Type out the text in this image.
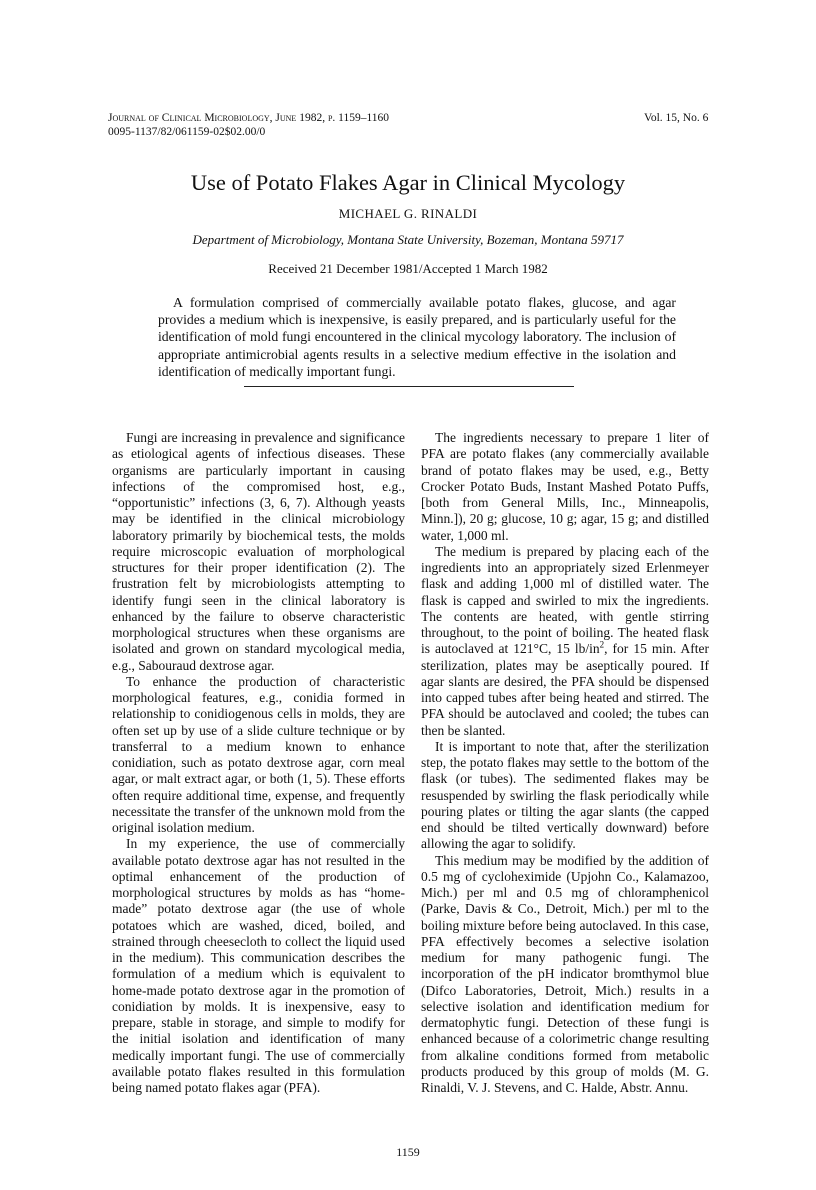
Journal of Clinical Microbiology, June 1982, p. 1159–1160
0095-1137/82/061159-02$02.00/0
Vol. 15, No. 6
Use of Potato Flakes Agar in Clinical Mycology
MICHAEL G. RINALDI
Department of Microbiology, Montana State University, Bozeman, Montana 59717
Received 21 December 1981/Accepted 1 March 1982

A formulation comprised of commercially available potato flakes, glucose, and agar provides a medium which is inexpensive, is easily prepared, and is particularly useful for the identification of mold fungi encountered in the clinical mycology laboratory. The inclusion of appropriate antimicrobial agents results in a selective medium effective in the isolation and identification of medically important fungi.

Fungi are increasing in prevalence and significance as etiological agents of infectious diseases. These organisms are particularly important in causing infections of the compromised host, e.g., “opportunistic” infections (3, 6, 7). Although yeasts may be identified in the clinical microbiology laboratory primarily by biochemical tests, the molds require microscopic evaluation of morphological structures for their proper identification (2). The frustration felt by microbiologists attempting to identify fungi seen in the clinical laboratory is enhanced by the failure to observe characteristic morphological structures when these organisms are isolated and grown on standard mycological media, e.g., Sabouraud dextrose agar.

To enhance the production of characteristic morphological features, e.g., conidia formed in relationship to conidiogenous cells in molds, they are often set up by use of a slide culture technique or by transferral to a medium known to enhance conidiation, such as potato dextrose agar, corn meal agar, or malt extract agar, or both (1, 5). These efforts often require additional time, expense, and frequently necessitate the transfer of the unknown mold from the original isolation medium.

In my experience, the use of commercially available potato dextrose agar has not resulted in the optimal enhancement of the production of morphological structures by molds as has “home-made” potato dextrose agar (the use of whole potatoes which are washed, diced, boiled, and strained through cheesecloth to collect the liquid used in the medium). This communication describes the formulation of a medium which is equivalent to home-made potato dextrose agar in the promotion of conidiation by molds. It is inexpensive, easy to prepare, stable in storage, and simple to modify for the initial isolation and identification of many medically important fungi. The use of commercially available potato flakes resulted in this formulation being named potato flakes agar (PFA).

The ingredients necessary to prepare 1 liter of PFA are potato flakes (any commercially available brand of potato flakes may be used, e.g., Betty Crocker Potato Buds, Instant Mashed Potato Puffs, [both from General Mills, Inc., Minneapolis, Minn.]), 20 g; glucose, 10 g; agar, 15 g; and distilled water, 1,000 ml.

The medium is prepared by placing each of the ingredients into an appropriately sized Erlenmeyer flask and adding 1,000 ml of distilled water. The flask is capped and swirled to mix the ingredients. The contents are heated, with gentle stirring throughout, to the point of boiling. The heated flask is autoclaved at 121°C, 15 $lb/in^2$, for 15 min. After sterilization, plates may be aseptically poured. If agar slants are desired, the PFA should be dispensed into capped tubes after being heated and stirred. The PFA should be autoclaved and cooled; the tubes can then be slanted.

It is important to note that, after the sterilization step, the potato flakes may settle to the bottom of the flask (or tubes). The sedimented flakes may be resuspended by swirling the flask periodically while pouring plates or tilting the agar slants (the capped end should be tilted vertically downward) before allowing the agar to solidify.

This medium may be modified by the addition of 0.5 mg of cycloheximide (Upjohn Co., Kalamazoo, Mich.) per ml and 0.5 mg of chloramphenicol (Parke, Davis & Co., Detroit, Mich.) per ml to the boiling mixture before being autoclaved. In this case, PFA effectively becomes a selective isolation medium for many pathogenic fungi. The incorporation of the pH indicator bromthymol blue (Difco Laboratories, Detroit, Mich.) results in a selective isolation and identification medium for dermatophytic fungi. Detection of these fungi is enhanced because of a colorimetric change resulting from alkaline conditions formed from metabolic products produced by this group of molds (M. G. Rinaldi, V. J. Stevens, and C. Halde, Abstr. Annu.

1159
